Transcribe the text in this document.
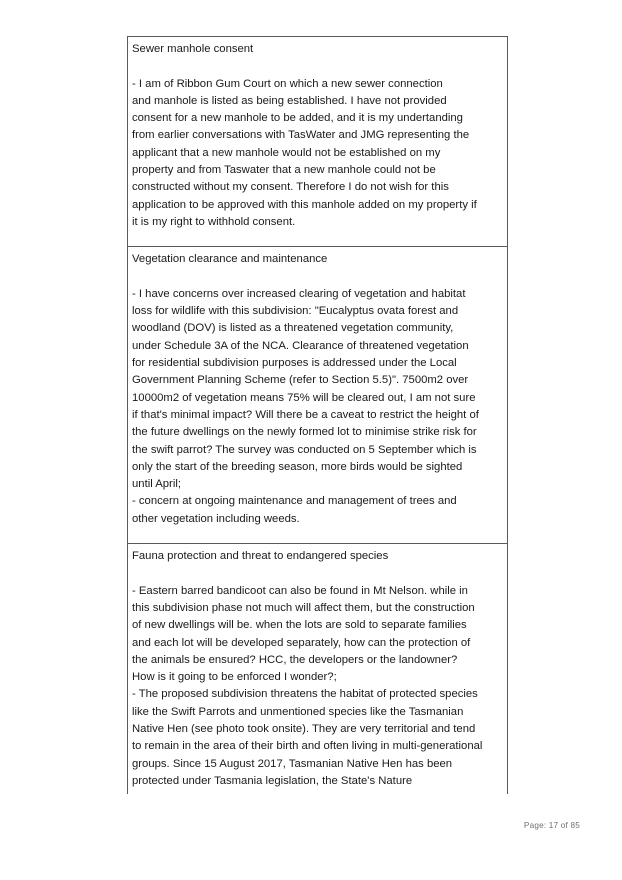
Sewer manhole consent
- I am of Ribbon Gum Court on which a new sewer connection
and manhole is listed as being established. I have not provided
consent for a new manhole to be added, and it is my undertanding
from earlier conversations with TasWater and JMG representing the
applicant that a new manhole would not be established on my
property and from Taswater that a new manhole could not be
constructed without my consent. Therefore I do not wish for this
application to be approved with this manhole added on my property if
it is my right to withhold consent.
Vegetation clearance and maintenance
- I have concerns over increased clearing of vegetation and habitat
loss for wildlife with this subdivision: "Eucalyptus ovata forest and
woodland (DOV) is listed as a threatened vegetation community,
under Schedule 3A of the NCA. Clearance of threatened vegetation
for residential subdivision purposes is addressed under the Local
Government Planning Scheme (refer to Section 5.5)". 7500m2 over
10000m2 of vegetation means 75% will be cleared out, I am not sure
if that's minimal impact? Will there be a caveat to restrict the height of
the future dwellings on the newly formed lot to minimise strike risk for
the swift parrot? The survey was conducted on 5 September which is
only the start of the breeding season, more birds would be sighted
until April;
- concern at ongoing maintenance and management of trees and
other vegetation including weeds.
Fauna protection and threat to endangered species
- Eastern barred bandicoot can also be found in Mt Nelson. while in
this subdivision phase not much will affect them, but the construction
of new dwellings will be. when the lots are sold to separate families
and each lot will be developed separately, how can the protection of
the animals be ensured? HCC, the developers or the landowner?
How is it going to be enforced I wonder?;
- The proposed subdivision threatens the habitat of protected species
like the Swift Parrots and unmentioned species like the Tasmanian
Native Hen (see photo took onsite). They are very territorial and tend
to remain in the area of their birth and often living in multi-generational
groups. Since 15 August 2017, Tasmanian Native Hen has been
protected under Tasmania legislation, the State's Nature
Page: 17 of 85
